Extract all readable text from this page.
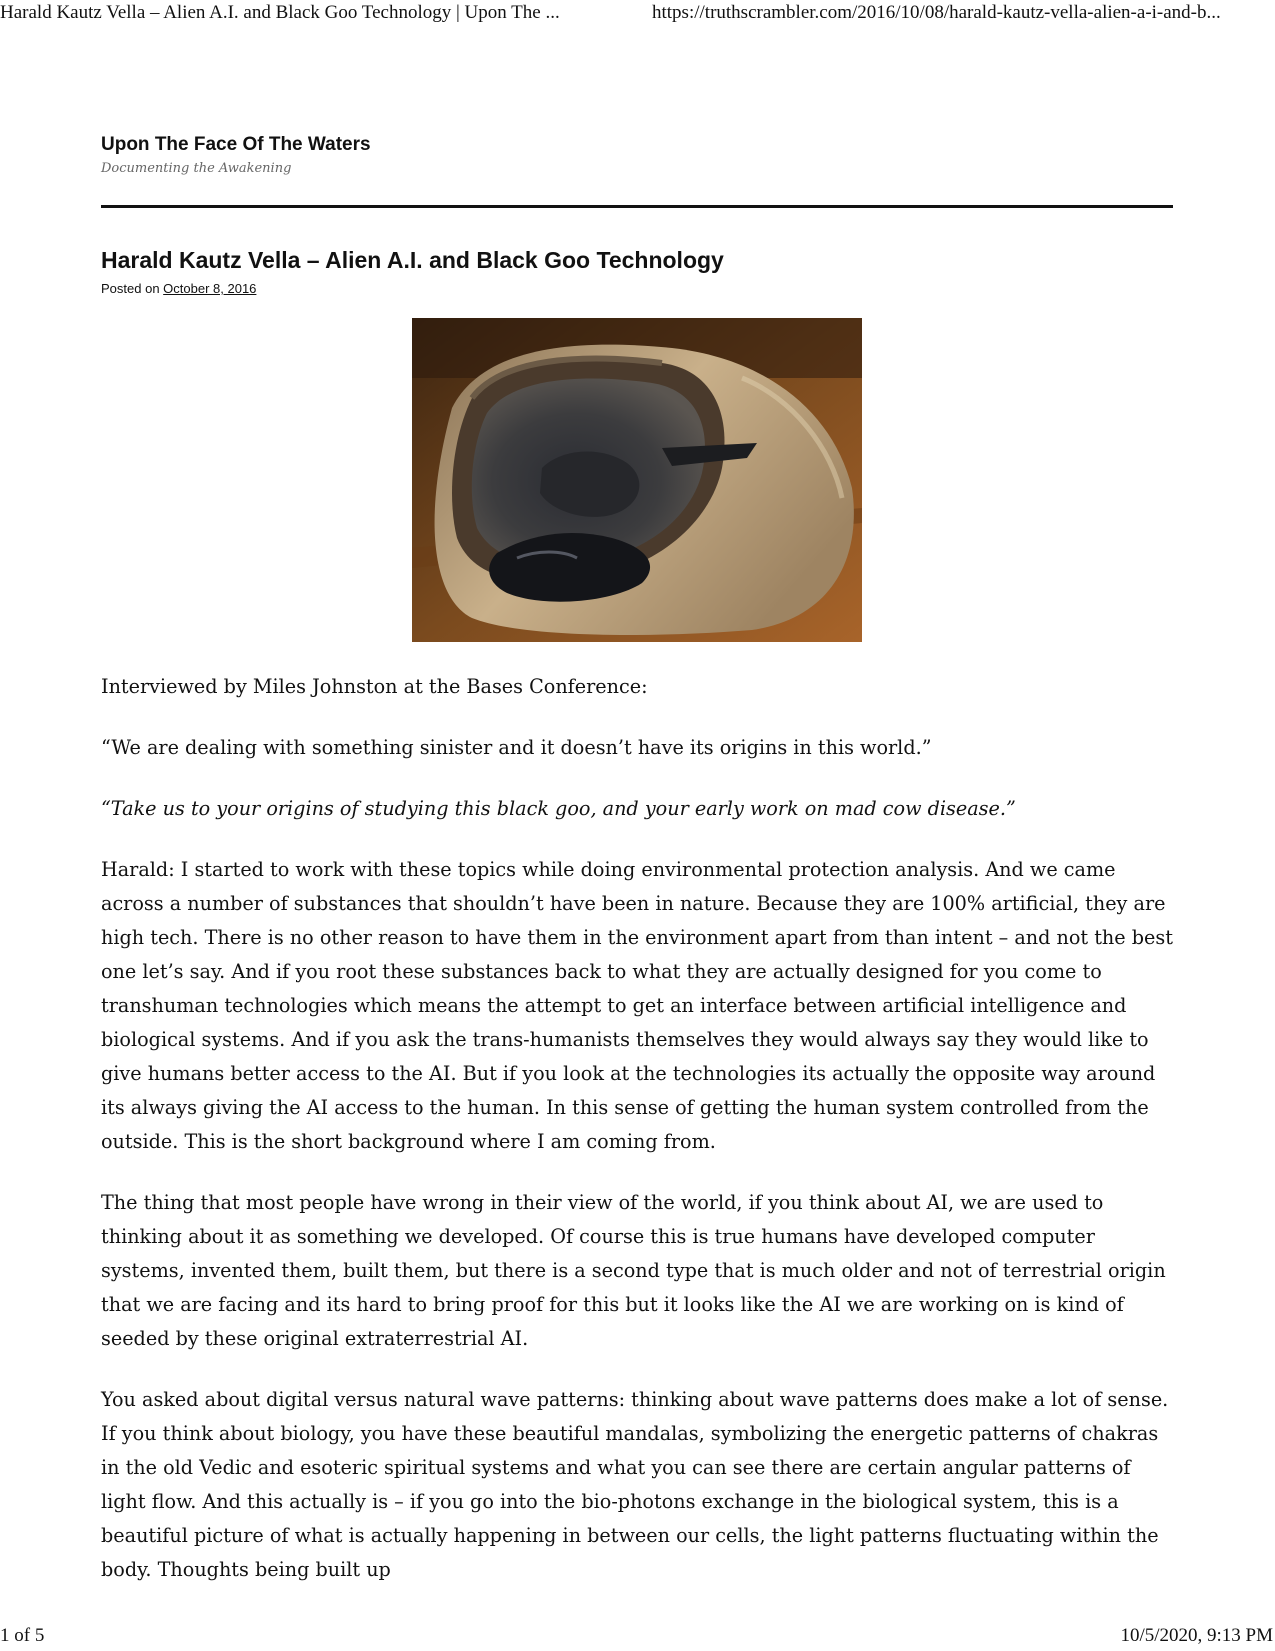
Harald Kautz Vella – Alien A.I. and Black Goo Technology | Upon The ...	https://truthscrambler.com/2016/10/08/harald-kautz-vella-alien-a-i-and-b...
Upon The Face Of The Waters

Documenting the Awakening

Harald Kautz Vella – Alien A.I. and Black Goo Technology
Posted on October 8, 2016

Interviewed by Miles Johnston at the Bases Conference:

“We are dealing with something sinister and it doesn’t have its origins in this world.”

“Take us to your origins of studying this black goo, and your early work on mad cow disease.”

Harald: I started to work with these topics while doing environmental protection analysis. And we came across a number of substances that shouldn’t have been in nature. Because they are 100% artificial, they are high tech. There is no other reason to have them in the environment apart from than intent – and not the best one let’s say. And if you root these substances back to what they are actually designed for you come to transhuman technologies which means the attempt to get an interface between artificial intelligence and biological systems. And if you ask the trans-humanists themselves they would always say they would like to give humans better access to the AI. But if you look at the technologies its actually the opposite way around its always giving the AI access to the human. In this sense of getting the human system controlled from the outside. This is the short background where I am coming from.

The thing that most people have wrong in their view of the world, if you think about AI, we are used to thinking about it as something we developed. Of course this is true humans have developed computer systems, invented them, built them, but there is a second type that is much older and not of terrestrial origin that we are facing and its hard to bring proof for this but it looks like the AI we are working on is kind of seeded by these original extraterrestrial AI.

You asked about digital versus natural wave patterns: thinking about wave patterns does make a lot of sense. If you think about biology, you have these beautiful mandalas, symbolizing the energetic patterns of chakras in the old Vedic and esoteric spiritual systems and what you can see there are certain angular patterns of light flow. And this actually is – if you go into the bio-photons exchange in the biological system, this is a beautiful picture of what is actually happening in between our cells, the light patterns fluctuating within the body. Thoughts being built up

1 of 5	10/5/2020, 9:13 PM
